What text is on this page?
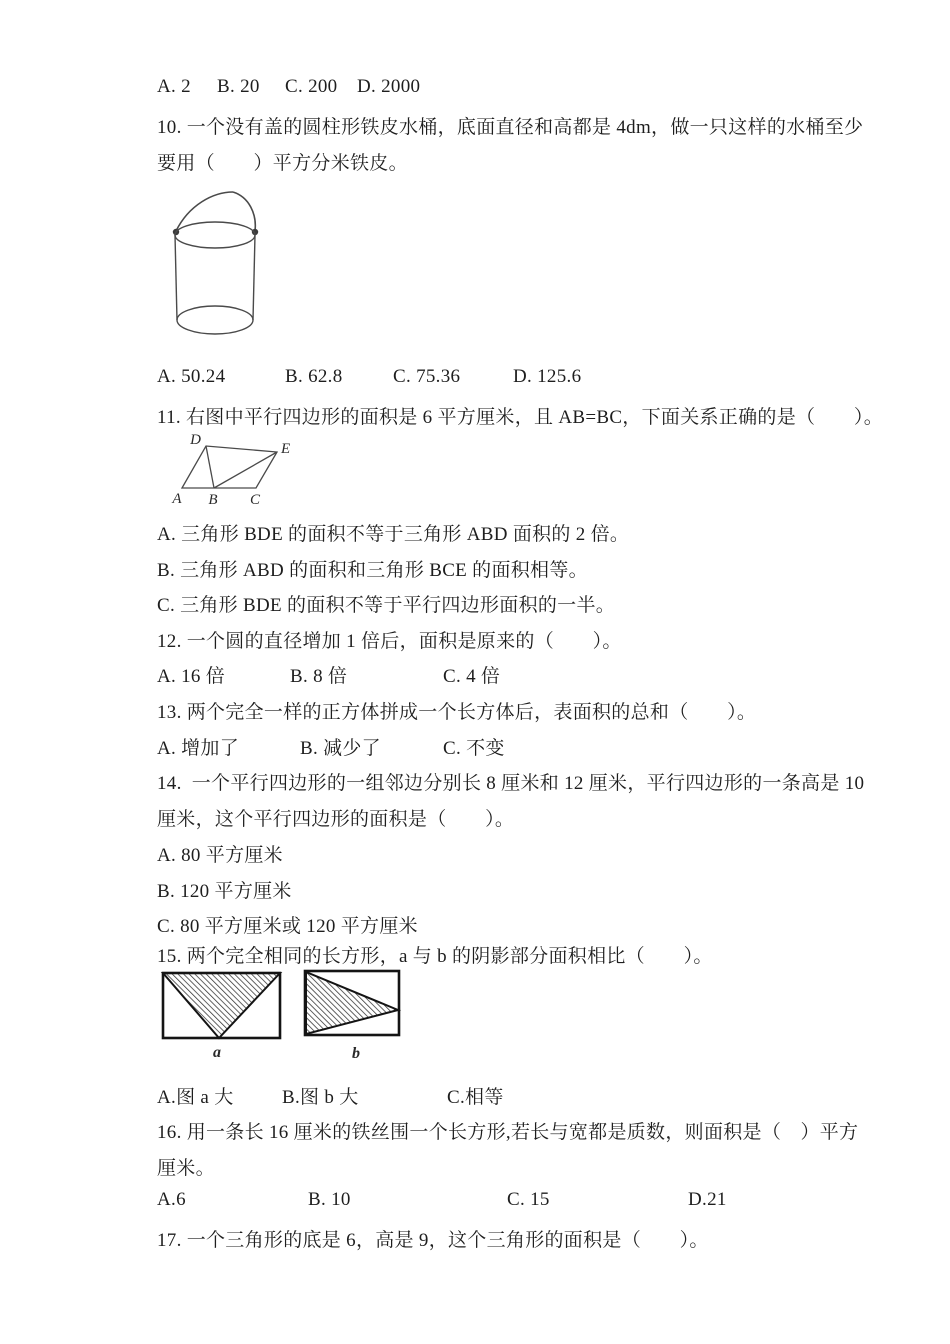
A. 2

B. 20

C. 200

D. 2000

10. 一个没有盖的圆柱形铁皮水桶，底面直径和高都是 4dm，做一只这样的水桶至少
要用（　　）平方分米铁皮。

A. 50.24

	B. 62.8

	C. 75.36

	D. 125.6

11. 右图中平行四边形的面积是 6 平方厘米，且 AB=BC，下面关系正确的是（　　）。
D
E
A B C
A. 三角形 BDE 的面积不等于三角形 ABD 面积的 2 倍。
B. 三角形 ABD 的面积和三角形 BCE 的面积相等。
C. 三角形 BDE 的面积不等于平行四边形面积的一半。
12. 一个圆的直径增加 1 倍后，面积是原来的（　　）。

A. 16 倍

	B. 8 倍

	C. 4 倍

13. 两个完全一样的正方体拼成一个长方体后，表面积的总和（　　）。

A. 增加了

	B. 减少了

	C. 不变

14.  一个平行四边形的一组邻边分别长 8 厘米和 12 厘米，平行四边形的一条高是 10
厘米，这个平行四边形的面积是（　　）。
A. 80 平方厘米
B. 120 平方厘米
C. 80 平方厘米或 120 平方厘米
15. 两个完全相同的长方形，a 与 b 的阴影部分面积相比（　　）。
a	b

A.图 a 大

	B.图 b 大

	C.相等

16. 用一条长 16 厘米的铁丝围一个长方形,若长与宽都是质数，则面积是（　）平方
厘米。

A.6

	B. 10

	C. 15

	D.21

17. 一个三角形的底是 6，高是 9，这个三角形的面积是（　　）。
